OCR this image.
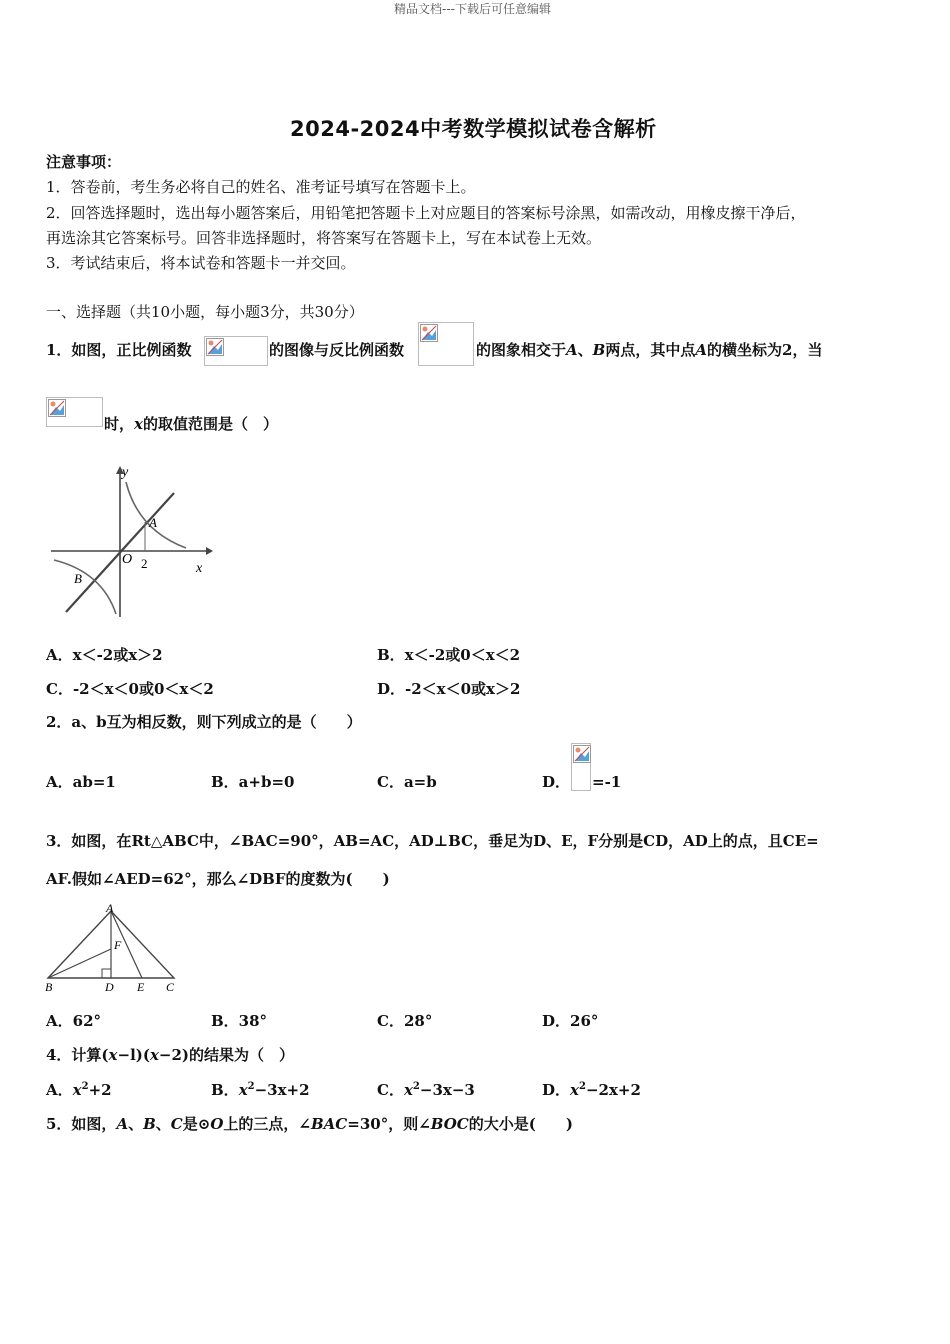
精品文档---下载后可任意编辑
2024-2024中考数学模拟试卷含解析
注意事项：
1．答卷前，考生务必将自己的姓名、准考证号填写在答题卡上。
2．回答选择题时，选出每小题答案后，用铅笔把答题卡上对应题目的答案标号涂黑，如需改动，用橡皮擦干净后，
再选涂其它答案标号。回答非选择题时，将答案写在答题卡上，写在本试卷上无效。
3．考试结束后，将本试卷和答题卡一并交回。
一、选择题（共10小题，每小题3分，共30分）
1．如图，正比例函数	的图像与反比例函数	的图象相交于A、B两点，其中点A的横坐标为2，当
时，x的取值范围是（　）
y
x
O 2
A
B
A．x＜-2或x＞2	B．x＜-2或0＜x＜2
C．-2＜x＜0或0＜x＜2	D．-2＜x＜0或x＞2
2．a、b互为相反数，则下列成立的是（　　）
A．ab=1	B．a+b=0	C．a=b	D． =-1
3．如图，在Rt△ABC中，∠BAC=90°，AB=AC，AD⊥BC，垂足为D、E，F分别是CD，AD上的点，且CE=
AF.假如∠AED=62°，那么∠DBF的度数为(　　)
A
F
B	D E C
A．62°	B．38°	C．28°	D．26°
4．计算(x−l)(x−2)的结果为（　）
A．$x^2+2$	B．$x^2-3x+2$	C．$x^2-3x-3$	D．$x^2-2x+2$
5．如图，A、B、C是⊙O上的三点，∠BAC=30°，则∠BOC的大小是(　　)
